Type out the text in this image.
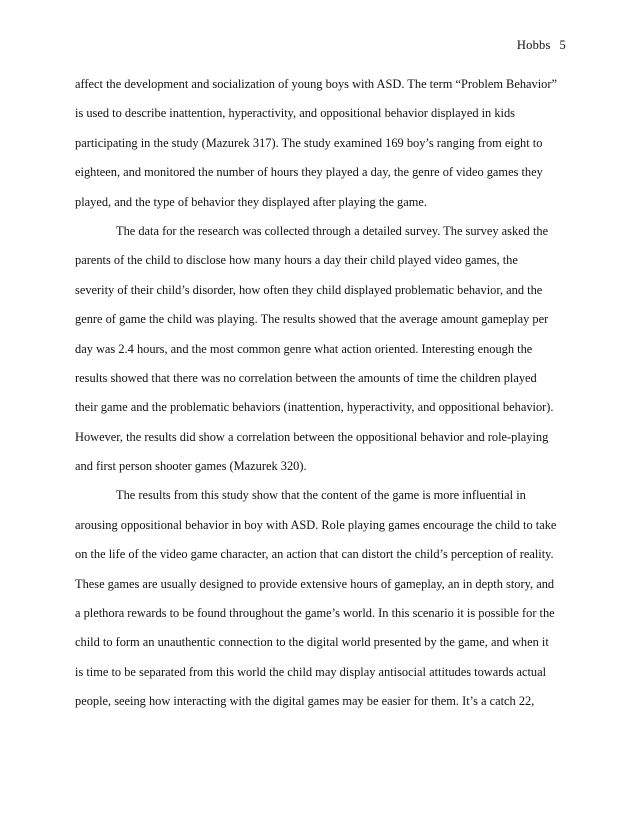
Hobbs 5
affect the development and socialization of young boys with ASD. The term “Problem Behavior”
is used to describe inattention, hyperactivity, and oppositional behavior displayed in kids
participating in the study (Mazurek 317). The study examined 169 boy’s ranging from eight to
eighteen, and monitored the number of hours they played a day, the genre of video games they
played, and the type of behavior they displayed after playing the game.
The data for the research was collected through a detailed survey. The survey asked the
parents of the child to disclose how many hours a day their child played video games, the
severity of their child’s disorder, how often they child displayed problematic behavior, and the
genre of game the child was playing. The results showed that the average amount gameplay per
day was 2.4 hours, and the most common genre what action oriented. Interesting enough the
results showed that there was no correlation between the amounts of time the children played
their game and the problematic behaviors (inattention, hyperactivity, and oppositional behavior).
However, the results did show a correlation between the oppositional behavior and role-playing
and first person shooter games (Mazurek 320).
The results from this study show that the content of the game is more influential in
arousing oppositional behavior in boy with ASD. Role playing games encourage the child to take
on the life of the video game character, an action that can distort the child’s perception of reality.
These games are usually designed to provide extensive hours of gameplay, an in depth story, and
a plethora rewards to be found throughout the game’s world. In this scenario it is possible for the
child to form an unauthentic connection to the digital world presented by the game, and when it
is time to be separated from this world the child may display antisocial attitudes towards actual
people, seeing how interacting with the digital games may be easier for them. It’s a catch 22,
